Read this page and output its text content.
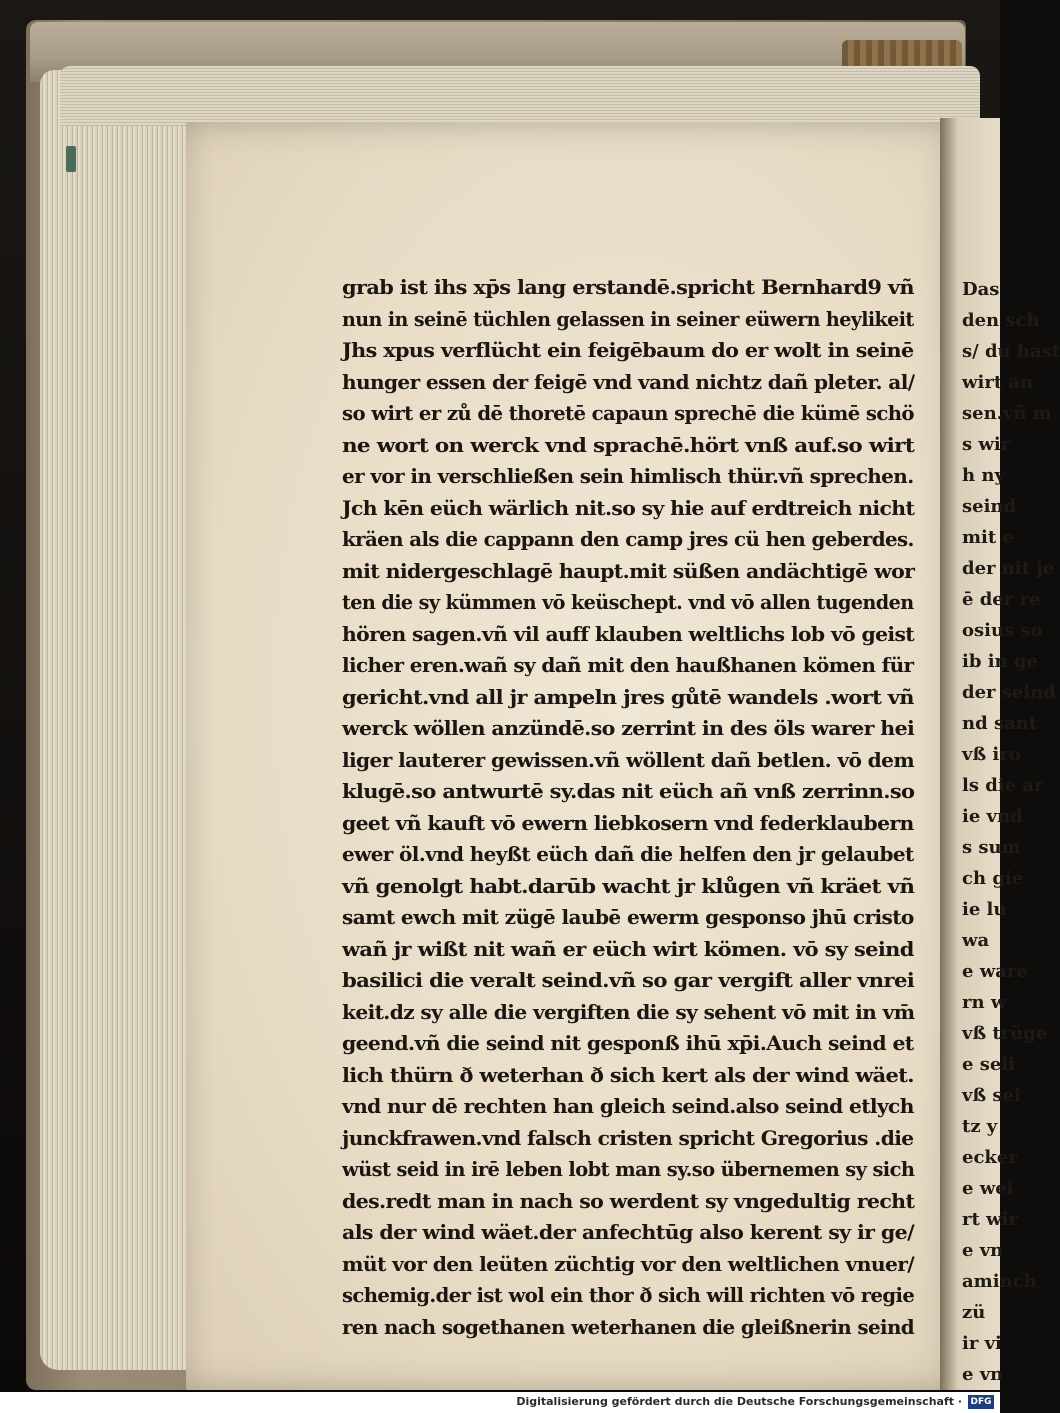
Das
den sch
s/ du hast
wirt an
sen.vñ m
s wir
h ny
seind
mit e
der nit je
ē der re
osius so
ib in ge
der seind
nd sant
vß iro
ls die ar
ie vnd
s sum
ch gie
ie lu
wa
e ware
rn w
vß trüge
e seli
vß sei
tz y
ecker
e wei
rt wir
e vn
aminch
zü
ir vi
e vn
grab ist ihs xp̄s lang erstandē.spricht Bernhard9 vñ
nun in seinē tüchlen gelassen in seiner eüwern heylikeit
Jhs xpus verflücht ein feigēbaum do er wolt in seinē
hunger essen der feigē vnd vand nichtz dañ pleter. al/
so wirt er zů dē thoretē capaun sprechē die kümē schö
ne wort on werck vnd sprachē.hört vnß auf.so wirt
er vor in verschließen sein himlisch thür.vñ sprechen.
Jch kēn eüch wärlich nit.so sy hie auf erdtreich nicht
kräen als die cappann den camp jres cü hen geberdes.
mit nidergeschlagē haupt.mit süßen andächtigē wor
ten die sy kümmen vō keüschept. vnd vō allen tugenden
hören sagen.vñ vil auff klauben weltlichs lob vō geist
licher eren.wañ sy dañ mit den haußhanen kömen für
gericht.vnd all jr ampeln jres gůtē wandels .wort vñ
werck wöllen anzündē.so zerrint in des öls warer hei
liger lauterer gewissen.vñ wöllent dañ betlen. vō dem
klugē.so antwurtē sy.das nit eüch añ vnß zerrinn.so
geet vñ kauft vō ewern liebkosern vnd federklaubern
ewer öl.vnd heyßt eüch dañ die helfen den jr gelaubet
vñ genolgt habt.darūb wacht jr klůgen vñ kräet vñ
samt ewch mit zügē laubē ewerm gesponso jhū cristo
wañ jr wißt nit wañ er eüch wirt kömen. vō sy seind
basilici die veralt seind.vñ so gar vergift aller vnrei
keit.dz sy alle die vergiften die sy sehent vō mit in vm̄
geend.vñ die seind nit gesponß ihū xp̄i.Auch seind et
lich thürn ð weterhan ð sich kert als der wind wäet.
vnd nur dē rechten han gleich seind.also seind etlych
junckfrawen.vnd falsch cristen spricht Gregorius .die
wüst seid in irē leben lobt man sy.so übernemen sy sich
des.redt man in nach so werdent sy vngedultig recht
als der wind wäet.der anfechtūg also kerent sy ir ge/
müt vor den leüten züchtig vor den weltlichen vnuer/
schemig.der ist wol ein thor ð sich will richten vō regie
ren nach sogethanen weterhanen die gleißnerin seind
Digitalisierung gefördert durch die Deutsche Forschungsgemeinschaft · DFG
